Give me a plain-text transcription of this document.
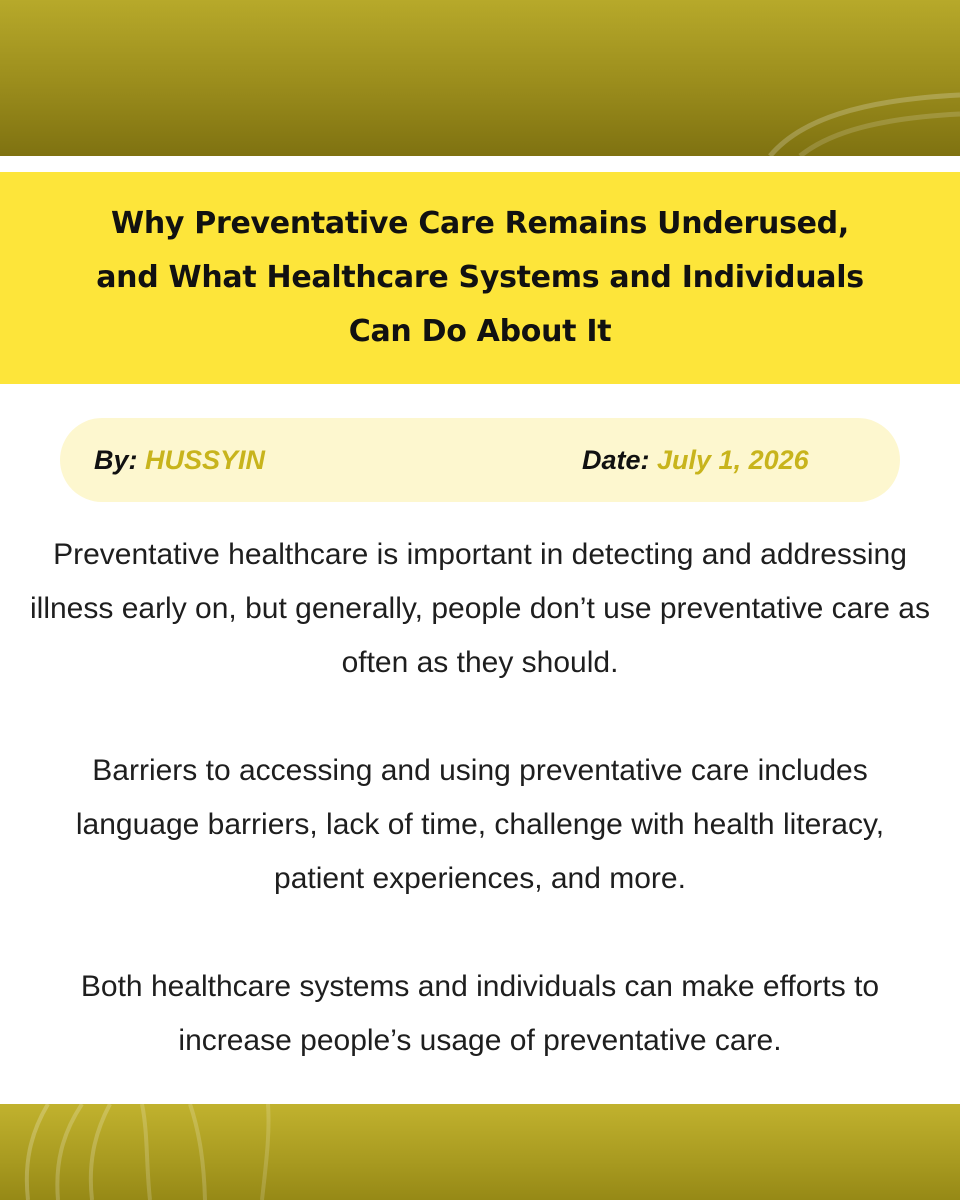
Why Preventative Care Remains Underused, and What Healthcare Systems and Individuals Can Do About It
By: HUSSYIN	Date: July 1, 2026

Preventative healthcare is important in detecting and addressing illness early on, but generally, people don’t use preventative care as often as they should.

Barriers to accessing and using preventative care includes language barriers, lack of time, challenge with health literacy, patient experiences, and more.

Both healthcare systems and individuals can make efforts to increase people’s usage of preventative care.
